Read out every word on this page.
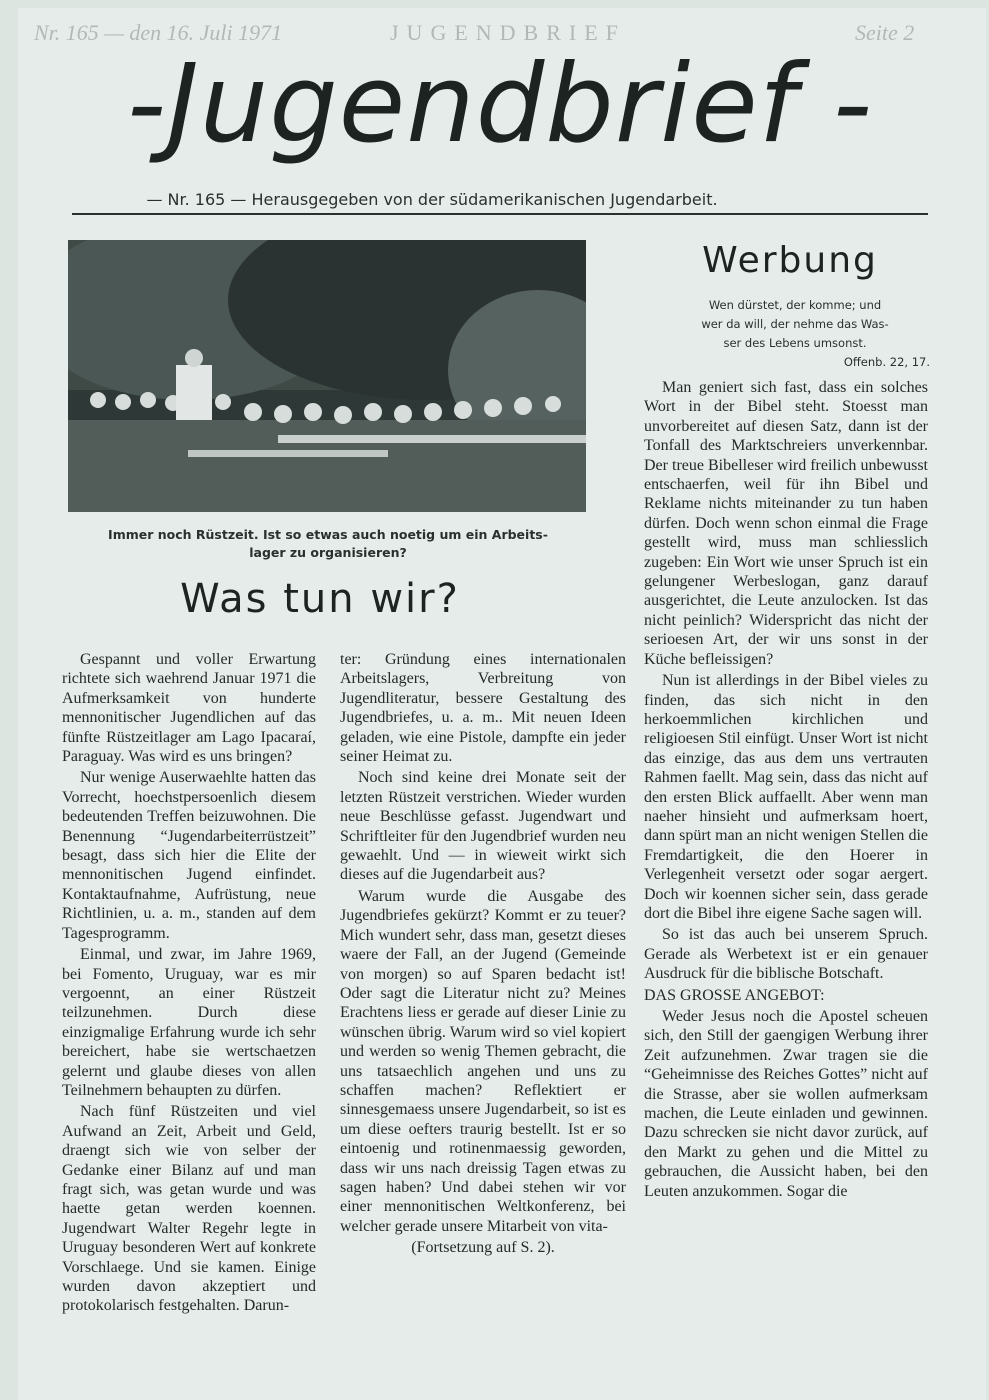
Nr. 165 — den 16. Juli 1971	JUGENDBRIEF	Seite 2
-Jugendbrief -
— Nr. 165 — Herausgegeben von der südamerikanischen Jugendarbeit.
Immer noch Rüstzeit. Ist so etwas auch noetig um ein Arbeits-
lager zu organisieren?
Was tun wir?

Gespannt und voller Erwartung richtete sich waehrend Januar 1971 die Aufmerksamkeit von hunderte mennonitischer Jugendlichen auf das fünfte Rüstzeitlager am Lago Ipacaraí, Paraguay. Was wird es uns bringen?

Nur wenige Auserwaehlte hatten das Vorrecht, hoechstpersoenlich diesem bedeutenden Treffen beizuwohnen. Die Benennung “Jugendarbeiterrüstzeit” besagt, dass sich hier die Elite der mennonitischen Jugend einfindet. Kontaktaufnahme, Aufrüstung, neue Richtlinien, u. a. m., standen auf dem Tagesprogramm.

Einmal, und zwar, im Jahre 1969, bei Fomento, Uruguay, war es mir vergoennt, an einer Rüstzeit teilzunehmen. Durch diese einzigmalige Erfahrung wurde ich sehr bereichert, habe sie wertschaetzen gelernt und glaube dieses von allen Teilnehmern behaupten zu dürfen.

Nach fünf Rüstzeiten und viel Aufwand an Zeit, Arbeit und Geld, draengt sich wie von selber der Gedanke einer Bilanz auf und man fragt sich, was getan wurde und was haette getan werden koennen. Jugendwart Walter Regehr legte in Uruguay besonderen Wert auf konkrete Vorschlaege. Und sie kamen. Einige wurden davon akzeptiert und protokolarisch festgehalten. Darun-

ter: Gründung eines internationalen Arbeitslagers, Verbreitung von Jugendliteratur, bessere Gestaltung des Jugendbriefes, u. a. m.. Mit neuen Ideen geladen, wie eine Pistole, dampfte ein jeder seiner Heimat zu.

Noch sind keine drei Monate seit der letzten Rüstzeit verstrichen. Wieder wurden neue Beschlüsse gefasst. Jugendwart und Schriftleiter für den Jugendbrief wurden neu gewaehlt. Und — in wieweit wirkt sich dieses auf die Jugendarbeit aus?

Warum wurde die Ausgabe des Jugendbriefes gekürzt? Kommt er zu teuer? Mich wundert sehr, dass man, gesetzt dieses waere der Fall, an der Jugend (Gemeinde von morgen) so auf Sparen bedacht ist! Oder sagt die Literatur nicht zu? Meines Erachtens liess er gerade auf dieser Linie zu wünschen übrig. Warum wird so viel kopiert und werden so wenig Themen gebracht, die uns tatsaechlich angehen und uns zu schaffen machen? Reflektiert er sinnesgemaess unsere Jugendarbeit, so ist es um diese oefters traurig bestellt. Ist er so eintoenig und rotinenmaessig geworden, dass wir uns nach dreissig Tagen etwas zu sagen haben? Und dabei stehen wir vor einer mennonitischen Weltkonferenz, bei welcher gerade unsere Mitarbeit von vita-

(Fortsetzung auf S. 2).

Werbung
Wen dürstet, der komme; und
wer da will, der nehme das Was-
ser des Lebens umsonst.
Offenb. 22, 17.

Man geniert sich fast, dass ein solches Wort in der Bibel steht. Stoesst man unvorbereitet auf diesen Satz, dann ist der Tonfall des Marktschreiers unverkennbar. Der treue Bibelleser wird freilich unbewusst entschaerfen, weil für ihn Bibel und Reklame nichts miteinander zu tun haben dürfen. Doch wenn schon einmal die Frage gestellt wird, muss man schliesslich zugeben: Ein Wort wie unser Spruch ist ein gelungener Werbeslogan, ganz darauf ausgerichtet, die Leute anzulocken. Ist das nicht peinlich? Widerspricht das nicht der serioesen Art, der wir uns sonst in der Küche befleissigen?

Nun ist allerdings in der Bibel vieles zu finden, das sich nicht in den herkoemmlichen kirchlichen und religioesen Stil einfügt. Unser Wort ist nicht das einzige, das aus dem uns vertrauten Rahmen faellt. Mag sein, dass das nicht auf den ersten Blick auffaellt. Aber wenn man naeher hinsieht und aufmerksam hoert, dann spürt man an nicht wenigen Stellen die Fremdartigkeit, die den Hoerer in Verlegenheit versetzt oder sogar aergert. Doch wir koennen sicher sein, dass gerade dort die Bibel ihre eigene Sache sagen will.

So ist das auch bei unserem Spruch. Gerade als Werbetext ist er ein genauer Ausdruck für die biblische Botschaft.

DAS GROSSE ANGEBOT:

Weder Jesus noch die Apostel scheuen sich, den Still der gaengigen Werbung ihrer Zeit aufzunehmen. Zwar tragen sie die “Geheimnisse des Reiches Gottes” nicht auf die Strasse, aber sie wollen aufmerksam machen, die Leute einladen und gewinnen. Dazu schrecken sie nicht davor zurück, auf den Markt zu gehen und die Mittel zu gebrauchen, die Aussicht haben, bei den Leuten anzukommen. Sogar die
